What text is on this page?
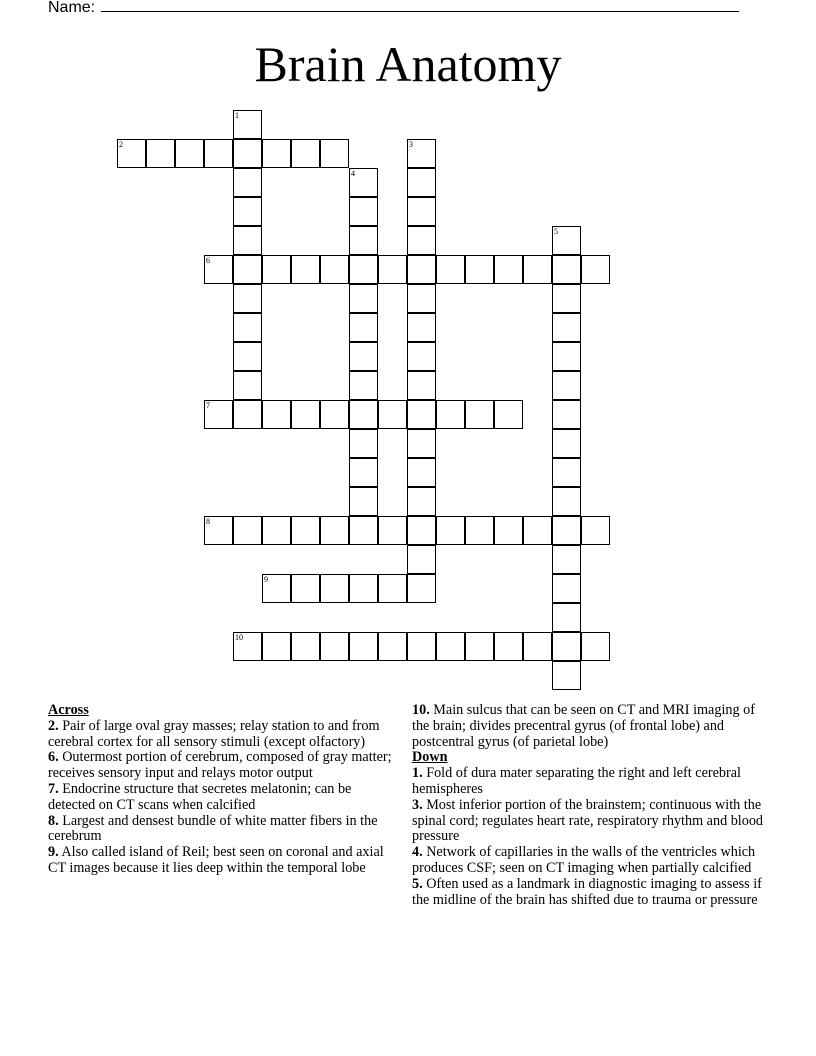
Name:
Brain Anatomy
1
2	3
4
5
6
7
8
9
10
Across

2. Pair of large oval gray masses; relay station to and from cerebral cortex for all sensory stimuli (except olfactory)

6. Outermost portion of cerebrum, composed of gray matter; receives sensory input and relays motor output

7. Endocrine structure that secretes melatonin; can be detected on CT scans when calcified

8. Largest and densest bundle of white matter fibers in the cerebrum

9. Also called island of Reil; best seen on coronal and axial CT images because it lies deep within the temporal lobe

10. Main sulcus that can be seen on CT and MRI imaging of the brain; divides precentral gyrus (of frontal lobe) and postcentral gyrus (of parietal lobe)

Down

1. Fold of dura mater separating the right and left cerebral hemispheres

3. Most inferior portion of the brainstem; continuous with the spinal cord; regulates heart rate, respiratory rhythm and blood pressure

4. Network of capillaries in the walls of the ventricles which produces CSF; seen on CT imaging when partially calcified

5. Often used as a landmark in diagnostic imaging to assess if the midline of the brain has shifted due to trauma or pressure
